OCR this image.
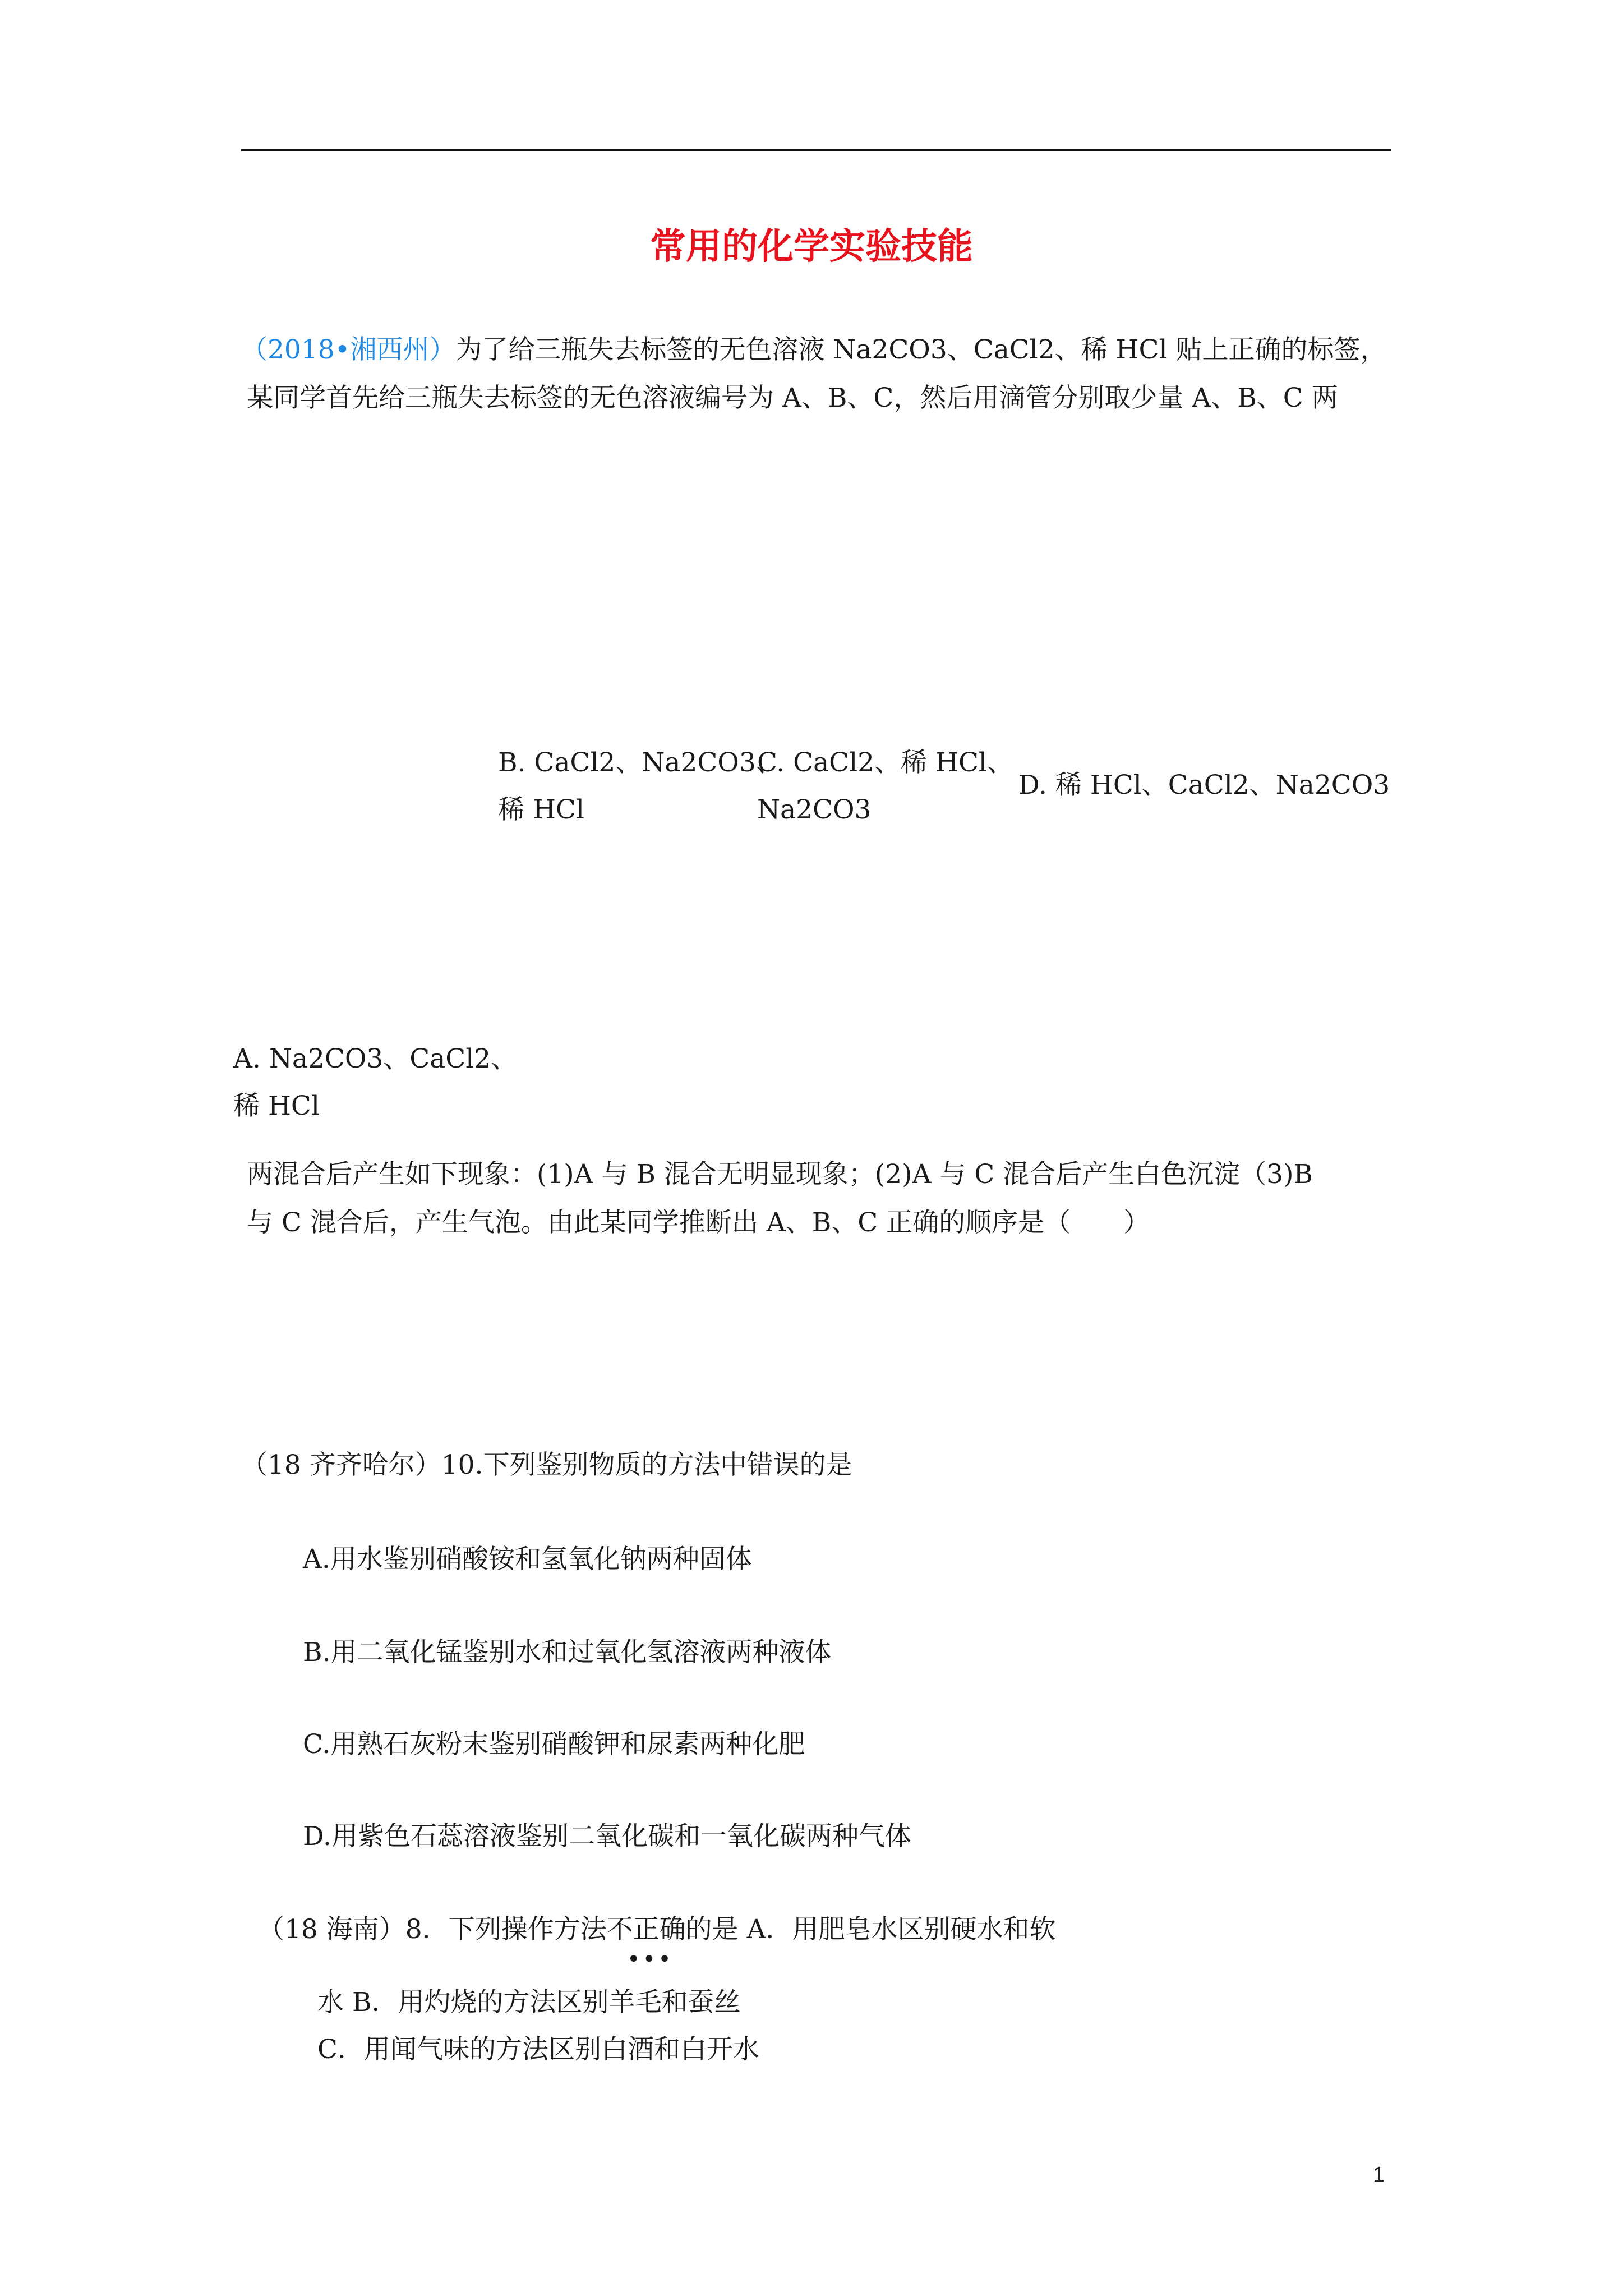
常用的化学实验技能
（2018•湘西州）为了给三瓶失去标签的无色溶液 Na2CO3、CaCl2、稀 HCl 贴上正确的标签，
某同学首先给三瓶失去标签的无色溶液编号为 A、B、C，然后用滴管分别取少量 A、B、C 两
B. CaCl2、Na2CO3、
稀 HCl
C. CaCl2、稀 HCl、
Na2CO3
D. 稀 HCl、CaCl2、Na2CO3
A. Na2CO3、CaCl2、
稀 HCl
两混合后产生如下现象：(1)A 与 B 混合无明显现象；(2)A 与 C 混合后产生白色沉淀（3)B
与 C 混合后，产生气泡。由此某同学推断出 A、B、C 正确的顺序是（　　）
（18 齐齐哈尔）10.下列鉴别物质的方法中错误的是
A.用水鉴别硝酸铵和氢氧化钠两种固体
B.用二氧化锰鉴别水和过氧化氢溶液两种液体
C.用熟石灰粉末鉴别硝酸钾和尿素两种化肥
D.用紫色石蕊溶液鉴别二氧化碳和一氧化碳两种气体
（18 海南）8．下列操作方法不正确的是 A．用肥皂水区别硬水和软
•••
水 B．用灼烧的方法区别羊毛和蚕丝
C．用闻气味的方法区别白酒和白开水
1
